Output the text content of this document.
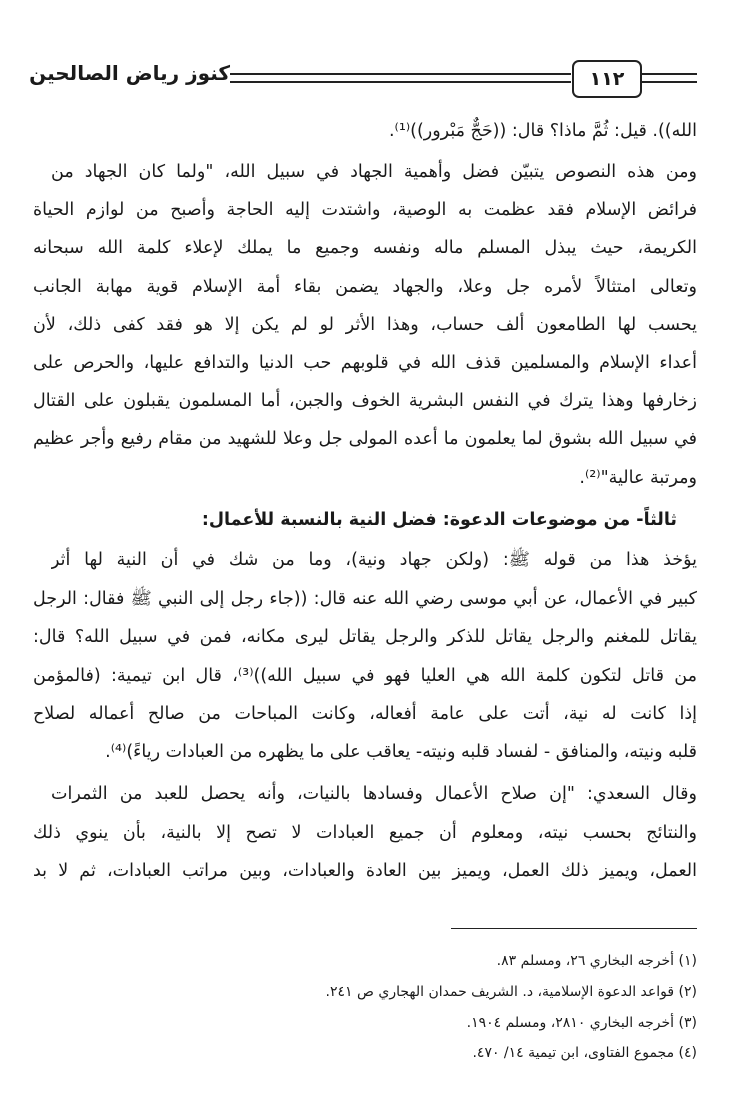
١١٢
كنوز رياض الصالحين
الله)). قيل: ثُمَّ ماذا؟ قال: ((حَجٌّ مَبْرور))⁽¹⁾.
ومن هذه النصوص يتبيّن فضل وأهمية الجهاد في سبيل الله، "ولما كان الجهاد من
فرائض الإسلام فقد عظمت به الوصية، واشتدت إليه الحاجة وأصبح من لوازم الحياة
الكريمة، حيث يبذل المسلم ماله ونفسه وجميع ما يملك لإعلاء كلمة الله سبحانه
وتعالى امتثالاً لأمره جل وعلا، والجهاد يضمن بقاء أمة الإسلام قوية مهابة الجانب
يحسب لها الطامعون ألف حساب، وهذا الأثر لو لم يكن إلا هو فقد كفى ذلك، لأن
أعداء الإسلام والمسلمين قذف الله في قلوبهم حب الدنيا والتدافع عليها، والحرص على
زخارفها وهذا يترك في النفس البشرية الخوف والجبن، أما المسلمون يقبلون على القتال
في سبيل الله بشوق لما يعلمون ما أعده المولى جل وعلا للشهيد من مقام رفيع وأجر عظيم
ومرتبة عالية"⁽²⁾.
ثالثاً- من موضوعات الدعوة: فضل النية بالنسبة للأعمال:
يؤخذ هذا من قوله ﷺ: (ولكن جهاد ونية)، وما من شك في أن النية لها أثر
كبير في الأعمال، عن أبي موسى رضي الله عنه قال: ((جاء رجل إلى النبي ﷺ فقال: الرجل
يقاتل للمغنم والرجل يقاتل للذكر والرجل يقاتل ليرى مكانه، فمن في سبيل الله؟ قال:
من قاتل لتكون كلمة الله هي العليا فهو في سبيل الله))⁽³⁾، قال ابن تيمية: (فالمؤمن
إذا كانت له نية، أتت على عامة أفعاله، وكانت المباحات من صالح أعماله لصلاح
قلبه ونيته، والمنافق - لفساد قلبه ونيته- يعاقب على ما يظهره من العبادات رياءً)⁽⁴⁾.
وقال السعدي: "إن صلاح الأعمال وفسادها بالنيات، وأنه يحصل للعبد من الثمرات
والنتائج بحسب نيته، ومعلوم أن جميع العبادات لا تصح إلا بالنية، بأن ينوي ذلك
العمل، ويميز ذلك العمل، ويميز بين العادة والعبادات، وبين مراتب العبادات، ثم لا بد
(١) أخرجه البخاري ٢٦، ومسلم ٨٣.
(٢) قواعد الدعوة الإسلامية، د. الشريف حمدان الهجاري ص ٢٤١.
(٣) أخرجه البخاري ٢٨١٠، ومسلم ١٩٠٤.
(٤) مجموع الفتاوى، ابن تيمية ١٤/ ٤٧٠.
